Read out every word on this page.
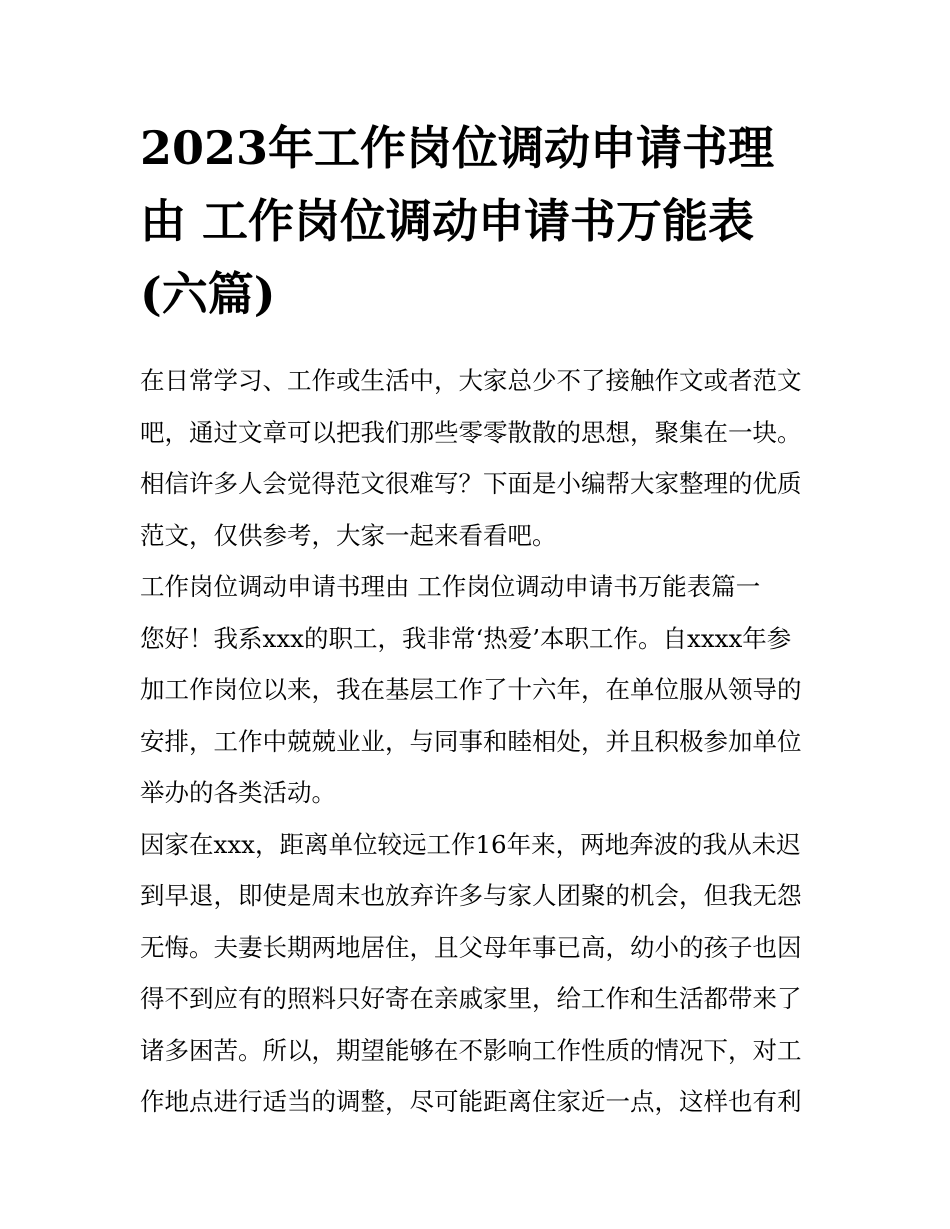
2023年工作岗位调动申请书理
由 工作岗位调动申请书万能表
(六篇)

在日常学习、工作或生活中，大家总少不了接触作文或者范文
吧，通过文章可以把我们那些零零散散的思想，聚集在一块。
相信许多人会觉得范文很难写？下面是小编帮大家整理的优质
范文，仅供参考，大家一起来看看吧。

工作岗位调动申请书理由 工作岗位调动申请书万能表篇一

您好！我系xxx的职工，我非常‘热爱’本职工作。自xxxx年参
加工作岗位以来，我在基层工作了十六年，在单位服从领导的
安排，工作中兢兢业业，与同事和睦相处，并且积极参加单位
举办的各类活动。

因家在xxx，距离单位较远工作16年来，两地奔波的我从未迟
到早退，即使是周末也放弃许多与家人团聚的机会，但我无怨
无悔。夫妻长期两地居住，且父母年事已高，幼小的孩子也因
得不到应有的照料只好寄在亲戚家里，给工作和生活都带来了
诸多困苦。所以，期望能够在不影响工作性质的情况下，对工
作地点进行适当的调整，尽可能距离住家近一点，这样也有利
